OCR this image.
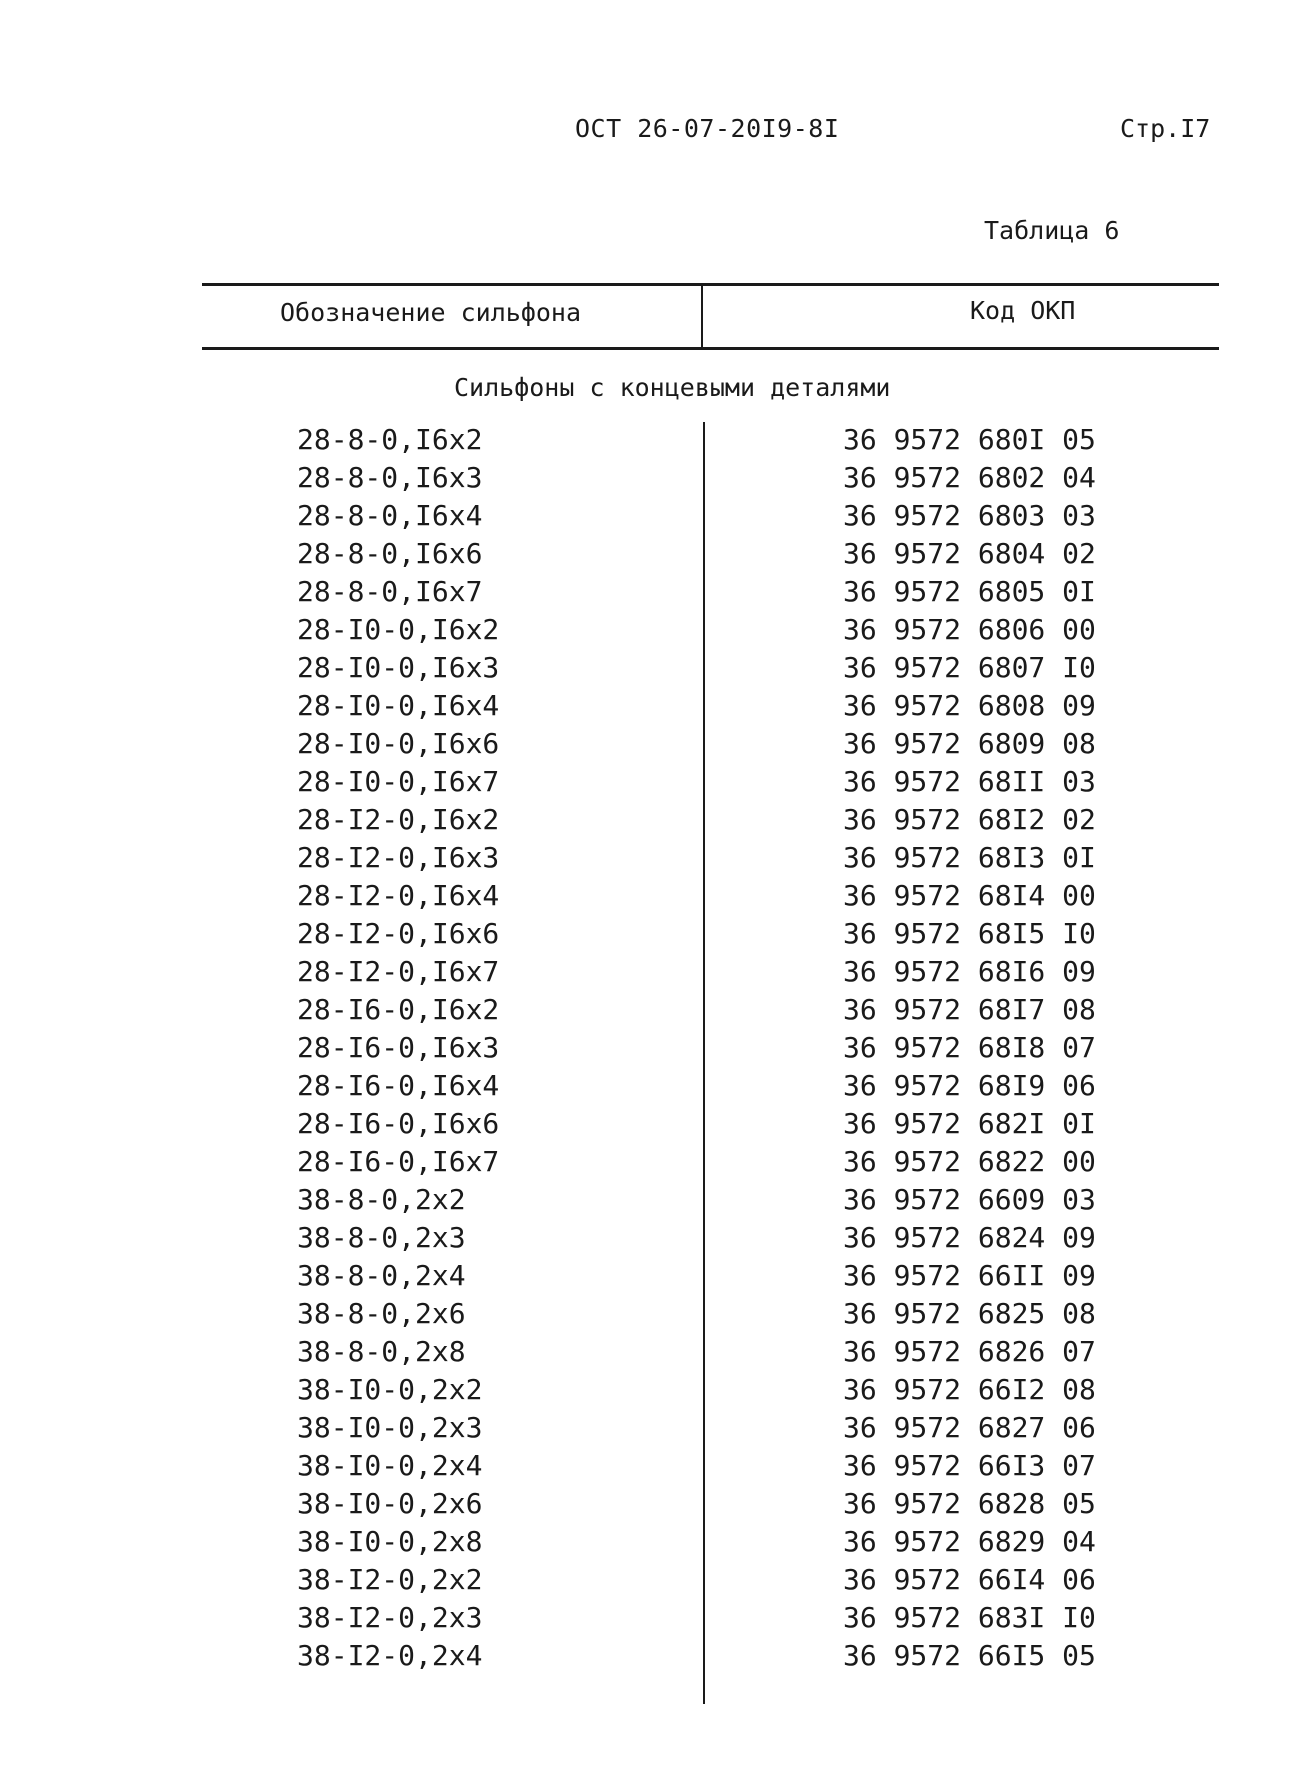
ОСТ 26-07-20I9-8I	Стр.I7
Таблица 6
Обозначение сильфона	Код ОКП
Сильфоны с концевыми деталями
28-8-0,I6x2	36 9572 680I 05
28-8-0,I6x3	36 9572 6802 04
28-8-0,I6x4	36 9572 6803 03
28-8-0,I6x6	36 9572 6804 02
28-8-0,I6x7	36 9572 6805 0I
28-I0-0,I6x2	36 9572 6806 00
28-I0-0,I6x3	36 9572 6807 I0
28-I0-0,I6x4	36 9572 6808 09
28-I0-0,I6x6	36 9572 6809 08
28-I0-0,I6x7	36 9572 68II 03
28-I2-0,I6x2	36 9572 68I2 02
28-I2-0,I6x3	36 9572 68I3 0I
28-I2-0,I6x4	36 9572 68I4 00
28-I2-0,I6x6	36 9572 68I5 I0
28-I2-0,I6x7	36 9572 68I6 09
28-I6-0,I6x2	36 9572 68I7 08
28-I6-0,I6x3	36 9572 68I8 07
28-I6-0,I6x4	36 9572 68I9 06
28-I6-0,I6x6	36 9572 682I 0I
28-I6-0,I6x7	36 9572 6822 00
38-8-0,2x2	36 9572 6609 03
38-8-0,2x3	36 9572 6824 09
38-8-0,2x4	36 9572 66II 09
38-8-0,2x6	36 9572 6825 08
38-8-0,2x8	36 9572 6826 07
38-I0-0,2x2	36 9572 66I2 08
38-I0-0,2x3	36 9572 6827 06
38-I0-0,2x4	36 9572 66I3 07
38-I0-0,2x6	36 9572 6828 05
38-I0-0,2x8	36 9572 6829 04
38-I2-0,2x2	36 9572 66I4 06
38-I2-0,2x3	36 9572 683I I0
38-I2-0,2x4	36 9572 66I5 05
